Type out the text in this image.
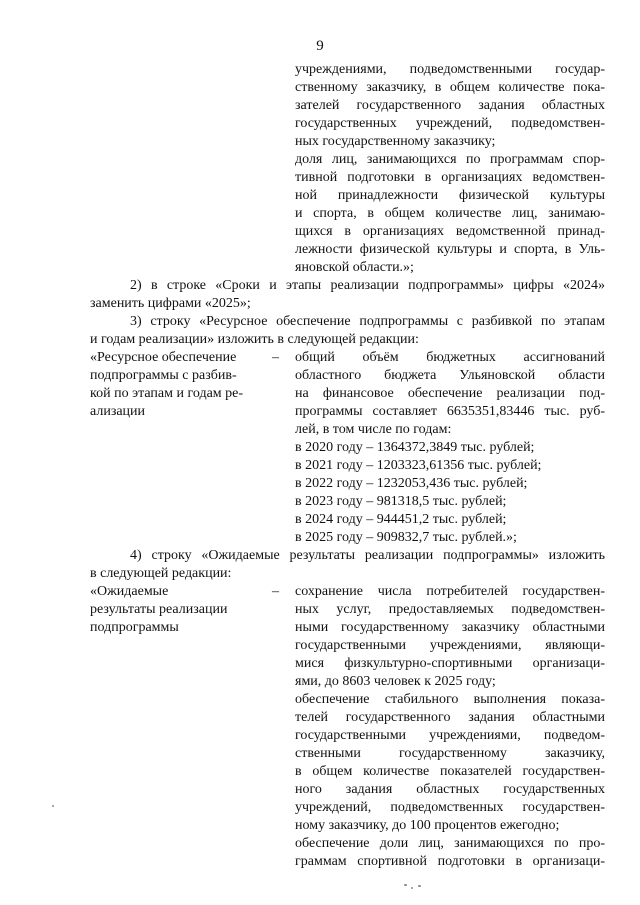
9
учреждениями, подведомственными государ-
ственному заказчику, в общем количестве пока-
зателей государственного задания областных
государственных учреждений, подведомствен-
ных государственному заказчику;
доля лиц, занимающихся по программам спор-
тивной подготовки в организациях ведомствен-
ной принадлежности физической культуры
и спорта, в общем количестве лиц, занимаю-
щихся в организациях ведомственной принад-
лежности физической культуры и спорта, в Уль-
яновской области.»;
2) в строке «Сроки и этапы реализации подпрограммы» цифры «2024»
заменить цифрами «2025»;
3) строку «Ресурсное обеспечение подпрограммы с разбивкой по этапам
и годам реализации» изложить в следующей редакции:
«Ресурсное обеспечение
подпрограммы с разбив-
кой по этапам и годам ре-
ализации
– общий объём бюджетных ассигнований
областного бюджета Ульяновской области
на финансовое обеспечение реализации под-
программы составляет 6635351,83446 тыс. руб-
лей, в том числе по годам:
в 2020 году – 1364372,3849 тыс. рублей;
в 2021 году – 1203323,61356 тыс. рублей;
в 2022 году – 1232053,436 тыс. рублей;
в 2023 году – 981318,5 тыс. рублей;
в 2024 году – 944451,2 тыс. рублей;
в 2025 году – 909832,7 тыс. рублей.»;
4) строку «Ожидаемые результаты реализации подпрограммы» изложить
в следующей редакции:
«Ожидаемые
результаты реализации
подпрограммы
– сохранение числа потребителей государствен-
ных услуг, предоставляемых подведомствен-
ными государственному заказчику областными
государственными учреждениями, являющи-
мися физкультурно-спортивными организаци-
ями, до 8603 человек к 2025 году;
обеспечение стабильного выполнения показа-
телей государственного задания областными
государственными учреждениями, подведом-
ственными государственному заказчику,
в общем количестве показателей государствен-
ного задания областных государственных
учреждений, подведомственных государствен-
ному заказчику, до 100 процентов ежегодно;
обеспечение доли лиц, занимающихся по про-
граммам спортивной подготовки в организаци-
